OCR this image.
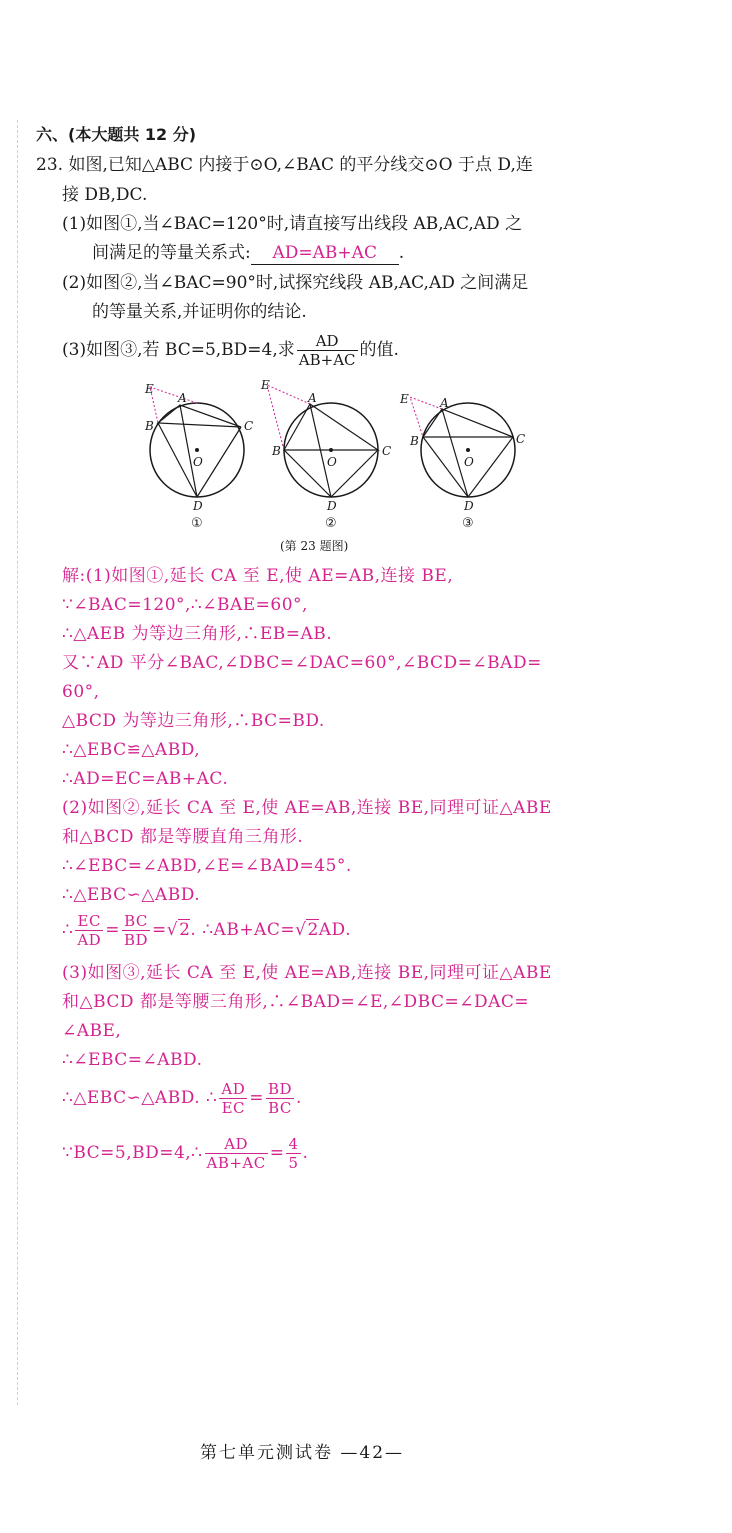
六、(本大题共 12 分)
23. 如图,已知△ABC 内接于⊙O,∠BAC 的平分线交⊙O 于点 D,连
接 DB,DC.
(1)如图①,当∠BAC=120°时,请直接写出线段 AB,AC,AD 之
间满足的等量关系式: AD=AB+AC .
(2)如图②,当∠BAC=90°时,试探究线段 AB,AC,AD 之间满足
的等量关系,并证明你的结论.
(3)如图③,若 BC=5,BD=4,求 $\frac{AD}{AB+AC}$ 的值.
E
A
B	C
O
D
①
E
A
B	C
O
D
②
E	A
B	C
O
D
③
(第 23 题图)
解:(1)如图①,延长 CA 至 E,使 AE=AB,连接 BE,
∵∠BAC=120°,∴∠BAE=60°,
∴△AEB 为等边三角形,∴EB=AB.
又∵AD 平分∠BAC,∠DBC=∠DAC=60°,∠BCD=∠BAD=
60°,
△BCD 为等边三角形,∴BC=BD.
∴△EBC≌△ABD,
∴AD=EC=AB+AC.
(2)如图②,延长 CA 至 E,使 AE=AB,连接 BE,同理可证△ABE
和△BCD 都是等腰直角三角形.
∴∠EBC=∠ABD,∠E=∠BAD=45°.
∴△EBC∽△ABD.
∴ $\frac{EC}{AD} = \frac{BC}{BD} =√2$. ∴AB+AC=√2AD.
(3)如图③,延长 CA 至 E,使 AE=AB,连接 BE,同理可证△ABE
和△BCD 都是等腰三角形,∴∠BAD=∠E,∠DBC=∠DAC=
∠ABE,
∴∠EBC=∠ABD.
∴△EBC∽△ABD. ∴ $\frac{AD}{EC} = \frac{BD}{BC}$ .
∵BC=5,BD=4,∴ $\frac{AD}{AB+AC} = \frac{4}{5}$ .
第七单元测试卷 —42—
